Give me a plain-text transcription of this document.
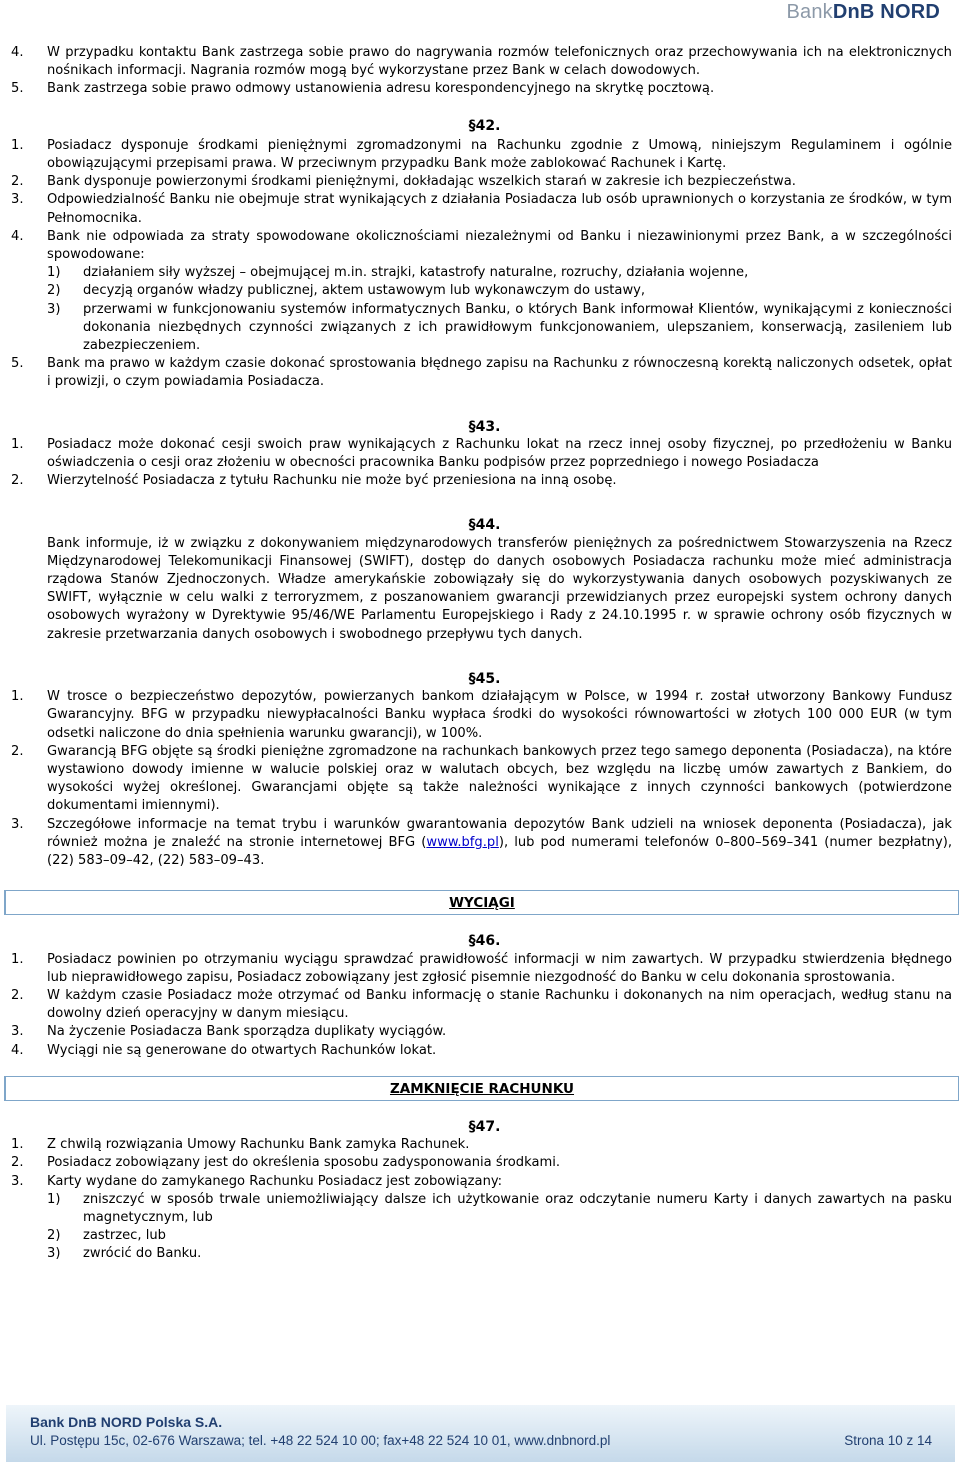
BankDnB NORD
4. W przypadku kontaktu Bank zastrzega sobie prawo do nagrywania rozmów telefonicznych oraz przechowywania ich na elektronicznych nośnikach informacji. Nagrania rozmów mogą być wykorzystane przez Bank w celach dowodowych.
5. Bank zastrzega sobie prawo odmowy ustanowienia adresu korespondencyjnego na skrytkę pocztową.
§42.
1. Posiadacz dysponuje środkami pieniężnymi zgromadzonymi na Rachunku zgodnie z Umową, niniejszym Regulaminem i ogólnie obowiązującymi przepisami prawa. W przeciwnym przypadku Bank może zablokować Rachunek i Kartę.
2. Bank dysponuje powierzonymi środkami pieniężnymi, dokładając wszelkich starań w zakresie ich bezpieczeństwa.
3. Odpowiedzialność Banku nie obejmuje strat wynikających z działania Posiadacza lub osób uprawnionych o korzystania ze środków, w tym Pełnomocnika.
4. Bank nie odpowiada za straty spowodowane okolicznościami niezależnymi od Banku i niezawinionymi przez Bank, a w szczególności spowodowane:
1) działaniem siły wyższej – obejmującej m.in. strajki, katastrofy naturalne, rozruchy, działania wojenne,
2) decyzją organów władzy publicznej, aktem ustawowym lub wykonawczym do ustawy,
3) przerwami w funkcjonowaniu systemów informatycznych Banku, o których Bank informował Klientów, wynikającymi z konieczności dokonania niezbędnych czynności związanych z ich prawidłowym funkcjonowaniem, ulepszaniem, konserwacją, zasileniem lub zabezpieczeniem.
5. Bank ma prawo w każdym czasie dokonać sprostowania błędnego zapisu na Rachunku z równoczesną korektą naliczonych odsetek, opłat i prowizji, o czym powiadamia Posiadacza.
§43.
1. Posiadacz może dokonać cesji swoich praw wynikających z Rachunku lokat na rzecz innej osoby fizycznej, po przedłożeniu w Banku oświadczenia o cesji oraz złożeniu w obecności pracownika Banku podpisów przez poprzedniego i nowego Posiadacza
2. Wierzytelność Posiadacza z tytułu Rachunku nie może być przeniesiona na inną osobę.
§44.
Bank informuje, iż w związku z dokonywaniem międzynarodowych transferów pieniężnych za pośrednictwem Stowarzyszenia na Rzecz Międzynarodowej Telekomunikacji Finansowej (SWIFT), dostęp do danych osobowych Posiadacza rachunku może mieć administracja rządowa Stanów Zjednoczonych. Władze amerykańskie zobowiązały się do wykorzystywania danych osobowych pozyskiwanych ze SWIFT, wyłącznie w celu walki z terroryzmem, z poszanowaniem gwarancji przewidzianych przez europejski system ochrony danych osobowych wyrażony w Dyrektywie 95/46/WE Parlamentu Europejskiego i Rady z 24.10.1995 r. w sprawie ochrony osób fizycznych w zakresie przetwarzania danych osobowych i swobodnego przepływu tych danych.
§45.
1. W trosce o bezpieczeństwo depozytów, powierzanych bankom działającym w Polsce, w 1994 r. został utworzony Bankowy Fundusz Gwarancyjny. BFG w przypadku niewypłacalności Banku wypłaca środki do wysokości równowartości w złotych 100 000 EUR (w tym odsetki naliczone do dnia spełnienia warunku gwarancji), w 100%.
2. Gwarancją BFG objęte są środki pieniężne zgromadzone na rachunkach bankowych przez tego samego deponenta (Posiadacza), na które wystawiono dowody imienne w walucie polskiej oraz w walutach obcych, bez względu na liczbę umów zawartych z Bankiem, do wysokości wyżej określonej. Gwarancjami objęte są także należności wynikające z innych czynności bankowych (potwierdzone dokumentami imiennymi).
3. Szczegółowe informacje na temat trybu i warunków gwarantowania depozytów Bank udzieli na wniosek deponenta (Posiadacza), jak również można je znaleźć na stronie internetowej BFG (www.bfg.pl), lub pod numerami telefonów 0–800–569–341 (numer bezpłatny), (22) 583–09–42, (22) 583–09–43.
WYCIĄGI
§46.
1. Posiadacz powinien po otrzymaniu wyciągu sprawdzać prawidłowość informacji w nim zawartych. W przypadku stwierdzenia błędnego lub nieprawidłowego zapisu, Posiadacz zobowiązany jest zgłosić pisemnie niezgodność do Banku w celu dokonania sprostowania.
2. W każdym czasie Posiadacz może otrzymać od Banku informację o stanie Rachunku i dokonanych na nim operacjach, według stanu na dowolny dzień operacyjny w danym miesiącu.
3. Na życzenie Posiadacza Bank sporządza duplikaty wyciągów.
4. Wyciągi nie są generowane do otwartych Rachunków lokat.
ZAMKNIĘCIE RACHUNKU
§47.
1. Z chwilą rozwiązania Umowy Rachunku Bank zamyka Rachunek.
2. Posiadacz zobowiązany jest do określenia sposobu zadysponowania środkami.
3. Karty wydane do zamykanego Rachunku Posiadacz jest zobowiązany:
1) zniszczyć w sposób trwale uniemożliwiający dalsze ich użytkowanie oraz odczytanie numeru Karty i danych zawartych na pasku magnetycznym, lub
2) zastrzec, lub
3) zwrócić do Banku.
Bank DnB NORD Polska S.A.
Ul. Postępu 15c, 02-676 Warszawa; tel. +48 22 524 10 00; fax+48 22 524 10 01, www.dnbnord.pl	Strona 10 z 14
